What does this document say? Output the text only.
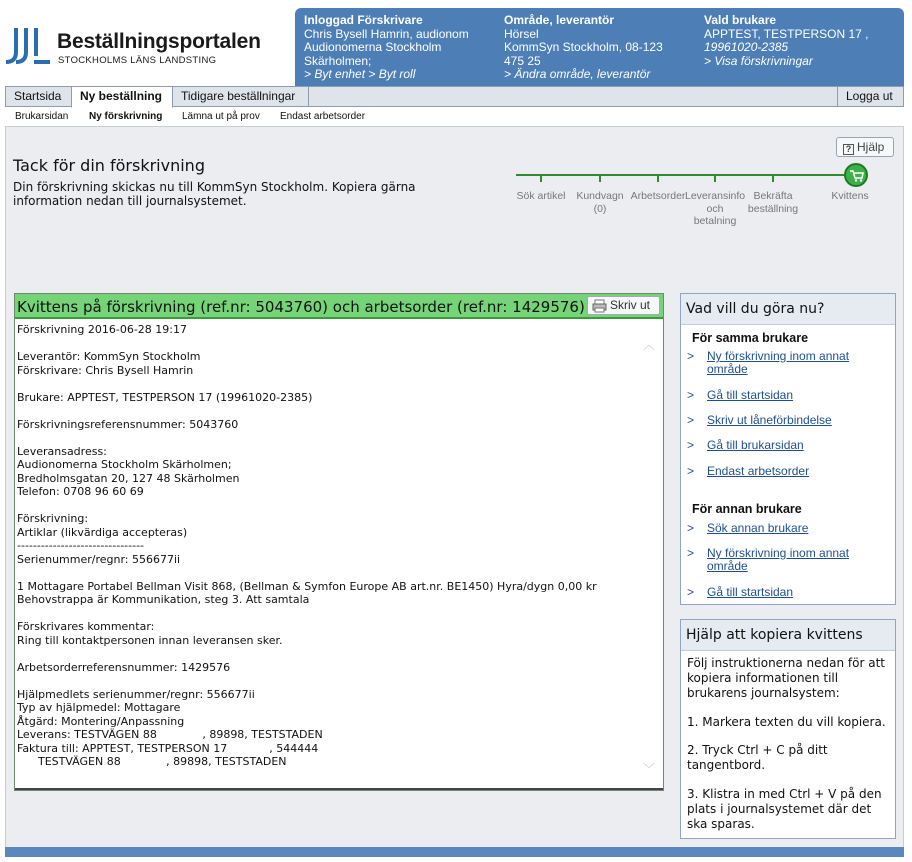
Beställningsportalen
STOCKHOLMS LÄNS LANDSTING
Inloggad Förskrivare
Chris Bysell Hamrin, audionom
Audionomerna Stockholm
Skärholmen;
> Byt enhet > Byt roll
Område, leverantör
Hörsel
KommSyn Stockholm, 08-123
475 25
> Ändra område, leverantör
Vald brukare
APPTEST, TESTPERSON 17 ,
19961020-2385
> Visa förskrivningar
Startsida	Ny beställning	Tidigare beställningar	Logga ut
Brukarsidan Ny förskrivning Lämna ut på prov Endast arbetsorder
? Hjälp
Tack för din förskrivning
Din förskrivning skickas nu till KommSyn Stockholm. Kopiera gärna information nedan till journalsystemet.	Sök artikel	Kundvagn (0)
Arbetsorder Leveransinfo och betalning
Bekräfta beställning
Kvittens
Kvittens på förskrivning (ref.nr: 5043760) och arbetsorder (ref.nr: 1429576)	Skriv ut
Förskrivning 2016-06-28 19:17
Leverantör: KommSyn Stockholm
Förskrivare: Chris Bysell Hamrin
Brukare: APPTEST, TESTPERSON 17 (19961020-2385)
Förskrivningsreferensnummer: 5043760
Leveransadress:
Audionomerna Stockholm Skärholmen;
Bredholmsgatan 20, 127 48 Skärholmen
Telefon: 0708 96 60 69
Förskrivning:
Artiklar (likvärdiga accepteras)
--------------------------------
Serienummer/regnr: 556677ii
1 Mottagare Portabel Bellman Visit 868, (Bellman & Symfon Europe AB art.nr. BE1450) Hyra/dygn 0,00 kr
Behovstrappa är Kommunikation, steg 3. Att samtala
Förskrivares kommentar:
Ring till kontaktpersonen innan leveransen sker.
Arbetsorderreferensnummer: 1429576
Hjälpmedlets serienummer/regnr: 556677ii
Typ av hjälpmedel: Mottagare
Åtgärd: Montering/Anpassning
Leverans: TESTVÄGEN 88             , 89898, TESTSTADEN
Faktura till: APPTEST, TESTPERSON 17            , 544444
TESTVÄGEN 88             , 89898, TESTSTADEN
︿
﹀
Vad vill du göra nu?
För samma brukare
> Ny förskrivning inom annat område
> Gå till startsidan
> Skriv ut låneförbindelse
> Gå till brukarsidan
> Endast arbetsorder
För annan brukare
> Sök annan brukare
> Ny förskrivning inom annat område
> Gå till startsidan
Hjälp att kopiera kvittens
Följ instruktionerna nedan för att kopiera informationen till brukarens journalsystem:
1. Markera texten du vill kopiera.
2. Tryck Ctrl + C på ditt tangentbord.
3. Klistra in med Ctrl + V på den plats i journalsystemet där det ska sparas.
